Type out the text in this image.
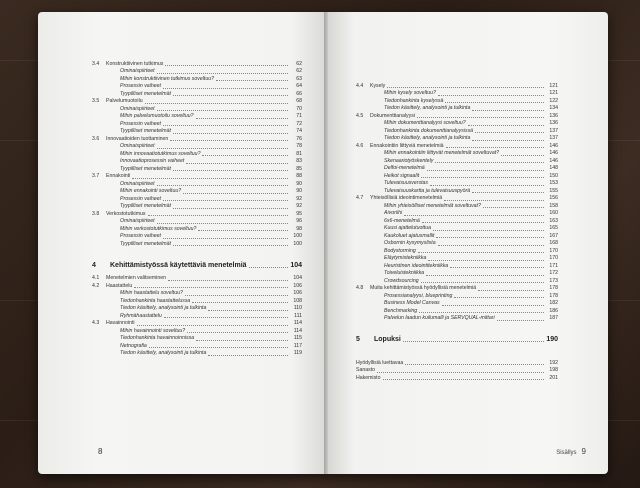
3.4	Konstruktiivinen tutkimus	62
Ominaispiirteet	62
Mihin konstruktiivinen tutkimus soveltuu?	63
Prosessin vaiheet	64
Tyypilliset menetelmät	66
3.5	Palvelumuotoilu	68
Ominaispiirteet	70
Mihin palvelumuotoilu soveltuu?	71
Prosessin vaiheet	72
Tyypilliset menetelmät	74
3.6	Innovaatioiden tuottaminen	76
Ominaispiirteet	78
Mihin innovaatiotutkimus soveltuu?	81
Innovaatioprosessin vaiheet	83
Tyypilliset menetelmät	85
3.7	Ennakointi	88
Ominaispiirteet	90
Mihin ennakointi soveltuu?	90
Prosessin vaiheet	92
Tyypilliset menetelmät	92
3.8	Verkostotutkimus	95
Ominaispiirteet	96
Mihin verkostotutkimus soveltuu?	98
Prosessin vaiheet	100
Tyypilliset menetelmät	100
4	Kehittämistyössä käytettäviä menetelmiä	104
4.1	Menetelmien valitseminen	104
4.2	Haastattelu	106
Mihin haastattelu soveltuu?	106
Tiedonhankinta haastattelussa	108
Tiedon käsittely, analysointi ja tulkinta	110
Ryhmähaastattelu	111
4.3	Havainnointi	114
Mihin havainnointi soveltuu?	114
Tiedonhankinta havainnoinnissa	115
Netnografia	117
Tiedon käsittely, analysointi ja tulkinta	119
8
4.4	Kysely	121
Mihin kysely soveltuu?	121
Tiedonhankinta kyselyssä	122
Tiedon käsittely, analysointi ja tulkinta	134
4.5	Dokumenttianalyysi	136
Mihin dokumenttianalyysi soveltuu?	136
Tiedonhankinta dokumenttianalyysissä	137
Tiedon käsittely, analysointi ja tulkinta	137
4.6	Ennakointiin liittyviä menetelmiä	146
Mihin ennakointiin liittyvät menetelmät soveltuvat?	146
Skenaariotyöskentely	146
Delfoi-menetelmä	148
Heikot signaalit	150
Tulevaisuusverstas	153
Tulevaisuuskartta ja tulevaisuuspyörä	155
4.7	Yhteisöllisiä ideointimenetelmiä	156
Mihin yhteisölliset menetelmät soveltuvat?	158
Aivoriihi	160
6x6-menetelmä	163
Kuusi ajattelutuottua	165
Kaukoluet ajatusmallit	167
Osbornin kysymyslista	168
Bodystorming	170
Eläytymistekniikka	170
Heuristinen ideointitekniikka	171
Toiveluistekniikka	172
Crowdsourcing	173
4.8	Muita kehittämistyössä hyödyllisiä menetelmiä	178
Prosessianalyysi, blueprinting	178
Business Model Canvas	182
Benchmarking	186
Palvelun laadun kuilumalli ja SERVQUAL-mittari	187
5	Lopuksi	190
Hyödyllisiä luettavaa	192
Sanasto	198
Hakemisto	201
Sisällys 9
